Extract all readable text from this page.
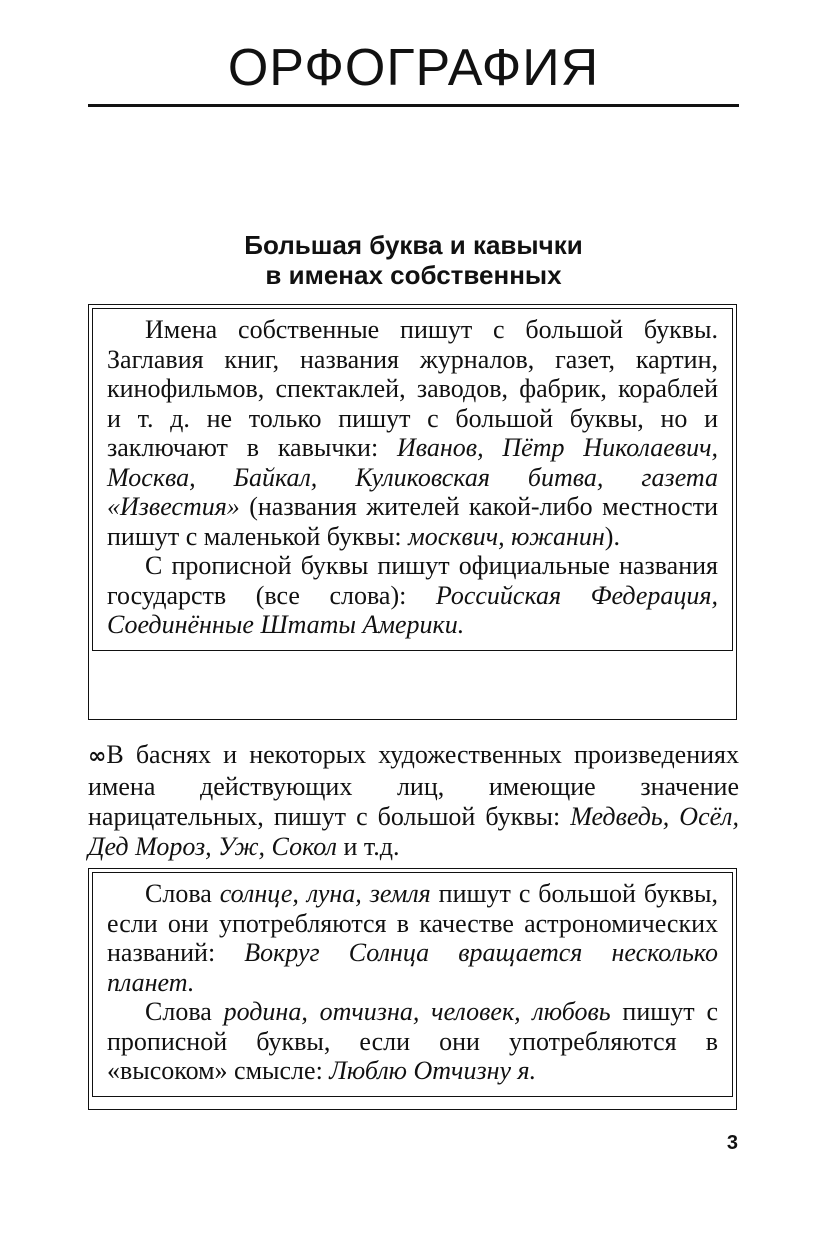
ОРФОГРАФИЯ
Большая буква и кавычки
в именах собственных

Имена собственные пишут с большой буквы. Заглавия книг, названия журналов, газет, картин, кинофильмов, спектаклей, заводов, фабрик, кораблей и т. д. не только пишут с большой буквы, но и заключают в кавычки: Иванов, Пётр Николаевич, Москва, Байкал, Куликовская битва, газета «Известия» (названия жителей какой-либо местности пишут с маленькой буквы: москвич, южанин).

С прописной буквы пишут официальные названия государств (все слова): Российская Федерация, Соединённые Штаты Америки.

∞ В баснях и некоторых художественных произведениях имена действующих лиц, имеющие значение нарицательных, пишут с большой буквы: Медведь, Осёл, Дед Мороз, Уж, Сокол и т.д.

Слова солнце, луна, земля пишут с большой буквы, если они употребляются в качестве астрономических названий: Вокруг Солнца вращается несколько планет.

Слова родина, отчизна, человек, любовь пишут с прописной буквы, если они употребляются в «высоком» смысле: Люблю Отчизну я.

3
